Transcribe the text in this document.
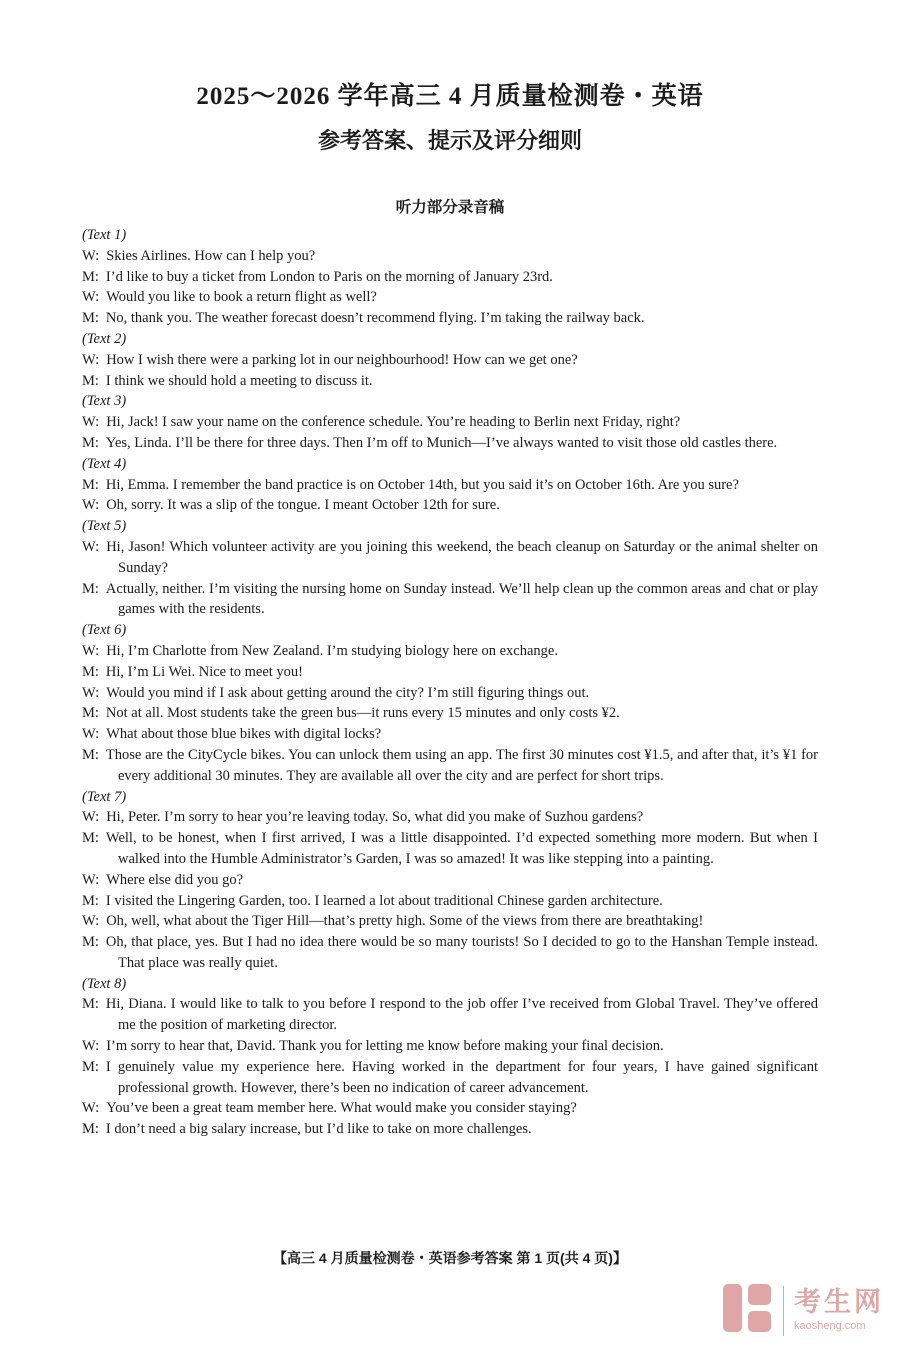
2025～2026 学年高三 4 月质量检测卷・英语
参考答案、提示及评分细则
听力部分录音稿
(Text 1)
W: Skies Airlines. How can I help you?
M: I’d like to buy a ticket from London to Paris on the morning of January 23rd.
W: Would you like to book a return flight as well?
M: No, thank you. The weather forecast doesn’t recommend flying. I’m taking the railway back.
(Text 2)
W: How I wish there were a parking lot in our neighbourhood! How can we get one?
M: I think we should hold a meeting to discuss it.
(Text 3)
W: Hi, Jack! I saw your name on the conference schedule. You’re heading to Berlin next Friday, right?
M: Yes, Linda. I’ll be there for three days. Then I’m off to Munich—I’ve always wanted to visit those old castles there.
(Text 4)
M: Hi, Emma. I remember the band practice is on October 14th, but you said it’s on October 16th. Are you sure?
W: Oh, sorry. It was a slip of the tongue. I meant October 12th for sure.
(Text 5)
W: Hi, Jason! Which volunteer activity are you joining this weekend, the beach cleanup on Saturday or the animal shelter on Sunday?
M: Actually, neither. I’m visiting the nursing home on Sunday instead. We’ll help clean up the common areas and chat or play games with the residents.
(Text 6)
W: Hi, I’m Charlotte from New Zealand. I’m studying biology here on exchange.
M: Hi, I’m Li Wei. Nice to meet you!
W: Would you mind if I ask about getting around the city? I’m still figuring things out.
M: Not at all. Most students take the green bus—it runs every 15 minutes and only costs ¥2.
W: What about those blue bikes with digital locks?
M: Those are the CityCycle bikes. You can unlock them using an app. The first 30 minutes cost ¥1.5, and after that, it’s ¥1 for every additional 30 minutes. They are available all over the city and are perfect for short trips.
(Text 7)
W: Hi, Peter. I’m sorry to hear you’re leaving today. So, what did you make of Suzhou gardens?
M: Well, to be honest, when I first arrived, I was a little disappointed. I’d expected something more modern. But when I walked into the Humble Administrator’s Garden, I was so amazed! It was like stepping into a painting.
W: Where else did you go?
M: I visited the Lingering Garden, too. I learned a lot about traditional Chinese garden architecture.
W: Oh, well, what about the Tiger Hill—that’s pretty high. Some of the views from there are breathtaking!
M: Oh, that place, yes. But I had no idea there would be so many tourists! So I decided to go to the Hanshan Temple instead. That place was really quiet.
(Text 8)
M: Hi, Diana. I would like to talk to you before I respond to the job offer I’ve received from Global Travel. They’ve offered me the position of marketing director.
W: I’m sorry to hear that, David. Thank you for letting me know before making your final decision.
M: I genuinely value my experience here. Having worked in the department for four years, I have gained significant professional growth. However, there’s been no indication of career advancement.
W: You’ve been a great team member here. What would make you consider staying?
M: I don’t need a big salary increase, but I’d like to take on more challenges.
【高三 4 月质量检测卷・英语参考答案 第 1 页(共 4 页)】
考生网
kaosheng.com
